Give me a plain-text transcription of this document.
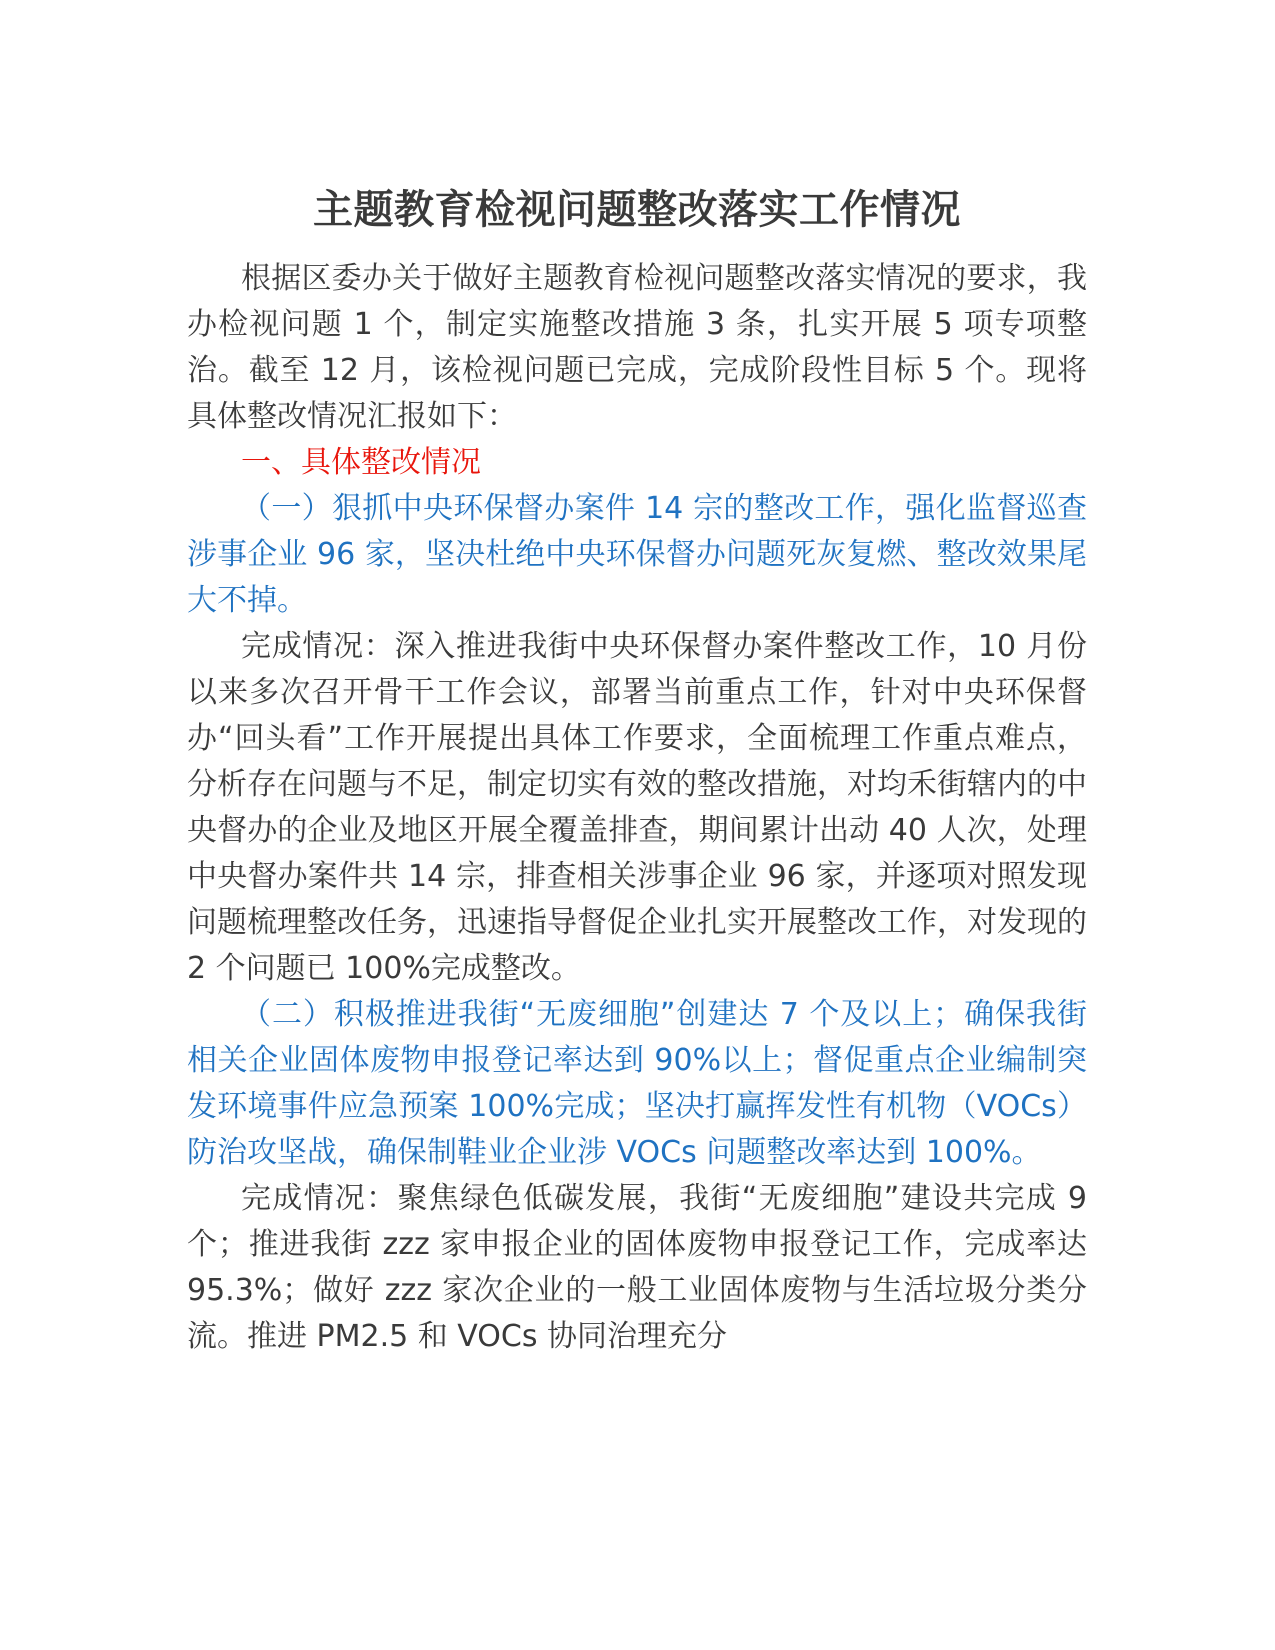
主题教育检视问题整改落实工作情况

根据区委办关于做好主题教育检视问题整改落实情况的要求，我办检视问题 1 个，制定实施整改措施 3 条，扎实开展 5 项专项整治。截至 12 月，该检视问题已完成，完成阶段性目标 5 个。现将具体整改情况汇报如下：

一、具体整改情况

（一）狠抓中央环保督办案件 14 宗的整改工作，强化监督巡查涉事企业 96 家，坚决杜绝中央环保督办问题死灰复燃、整改效果尾大不掉。

完成情况：深入推进我街中央环保督办案件整改工作，10 月份以来多次召开骨干工作会议，部署当前重点工作，针对中央环保督办“回头看”工作开展提出具体工作要求，全面梳理工作重点难点，分析存在问题与不足，制定切实有效的整改措施，对均禾街辖内的中央督办的企业及地区开展全覆盖排查，期间累计出动 40 人次，处理中央督办案件共 14 宗，排查相关涉事企业 96 家，并逐项对照发现问题梳理整改任务，迅速指导督促企业扎实开展整改工作，对发现的 2 个问题已 100%完成整改。

（二）积极推进我街“无废细胞”创建达 7 个及以上；确保我街相关企业固体废物申报登记率达到 90%以上；督促重点企业编制突发环境事件应急预案 100%完成；坚决打赢挥发性有机物（VOCs）防治攻坚战，确保制鞋业企业涉 VOCs 问题整改率达到 100%。

完成情况：聚焦绿色低碳发展，我街“无废细胞”建设共完成 9 个；推进我街 zzz 家申报企业的固体废物申报登记工作，完成率达 95.3%；做好 zzz 家次企业的一般工业固体废物与生活垃圾分类分流。推进 PM2.5 和 VOCs 协同治理充分
